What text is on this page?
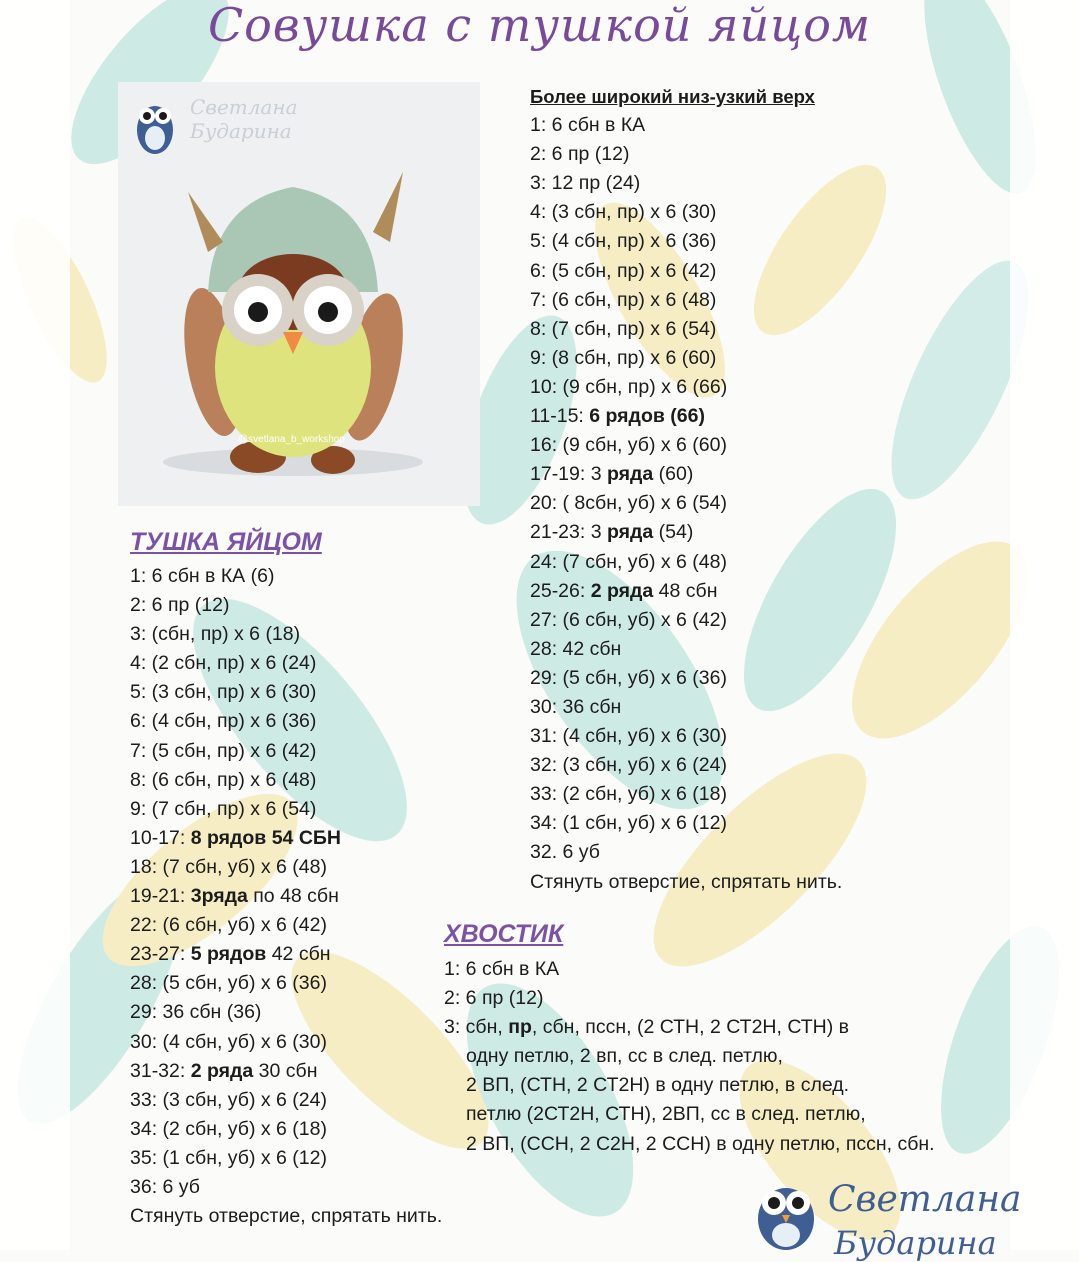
Совушка с тушкой яйцом
Светлана
Бударина
@svetlana_b_workshop
Более широкий низ-узкий верх
1: 6 сбн в КА
2: 6 пр (12)
3: 12 пр (24)
4: (3 сбн, пр) х 6 (30)
5: (4 сбн, пр) х 6 (36)
6: (5 сбн, пр) х 6 (42)
7: (6 сбн, пр) х 6 (48)
8: (7 сбн, пр) х 6 (54)
9: (8 сбн, пр) х 6 (60)
10: (9 сбн, пр) х 6 (66)
11-15: 6 рядов (66)
16: (9 сбн, уб) х 6 (60)
17-19: 3 ряда (60)
20: ( 8сбн, уб) х 6 (54)
21-23: 3 ряда (54)
24: (7 сбн, уб) х 6 (48)
25-26: 2 ряда 48 сбн
27: (6 сбн, уб) х 6 (42)
28: 42 сбн
29: (5 сбн, уб) х 6 (36)
30: 36 сбн
31: (4 сбн, уб) х 6 (30)
32: (3 сбн, уб) х 6 (24)
33: (2 сбн, уб) х 6 (18)
34: (1 сбн, уб) х 6 (12)
32. 6 уб
Стянуть отверстие, спрятать нить.
ТУШКА ЯЙЦОМ
1: 6 сбн в КА (6)
2: 6 пр (12)
3: (сбн, пр) х 6 (18)
4: (2 сбн, пр) х 6 (24)
5: (3 сбн, пр) х 6 (30)
6: (4 сбн, пр) х 6 (36)
7: (5 сбн, пр) х 6 (42)
8: (6 сбн, пр) х 6 (48)
9: (7 сбн, пр) х 6 (54)
10-17: 8 рядов 54 СБН
18: (7 сбн, уб) х 6 (48)
19-21: 3ряда по 48 сбн
22: (6 сбн, уб) х 6 (42)
23-27: 5 рядов 42 сбн
28: (5 сбн, уб) х 6 (36)
29: 36 сбн (36)
30: (4 сбн, уб) х 6 (30)
31-32: 2 ряда 30 сбн
33: (3 сбн, уб) х 6 (24)
34: (2 сбн, уб) х 6 (18)
35: (1 сбн, уб) х 6 (12)
36: 6 уб
Стянуть отверстие, спрятать нить.
ХВОСТИК
1: 6 сбн в КА
2: 6 пр (12)
3: сбн, пр, сбн, пссн, (2 СТН, 2 СТ2Н, СТН) в
одну петлю, 2 вп, сс в след. петлю,
2 ВП, (СТН, 2 СТ2Н) в одну петлю, в след.
петлю (2СТ2Н, СТН), 2ВП, сс в след. петлю,
2 ВП, (ССН, 2 С2Н, 2 ССН) в одну петлю, пссн, сбн.
Светлана
Бударина
